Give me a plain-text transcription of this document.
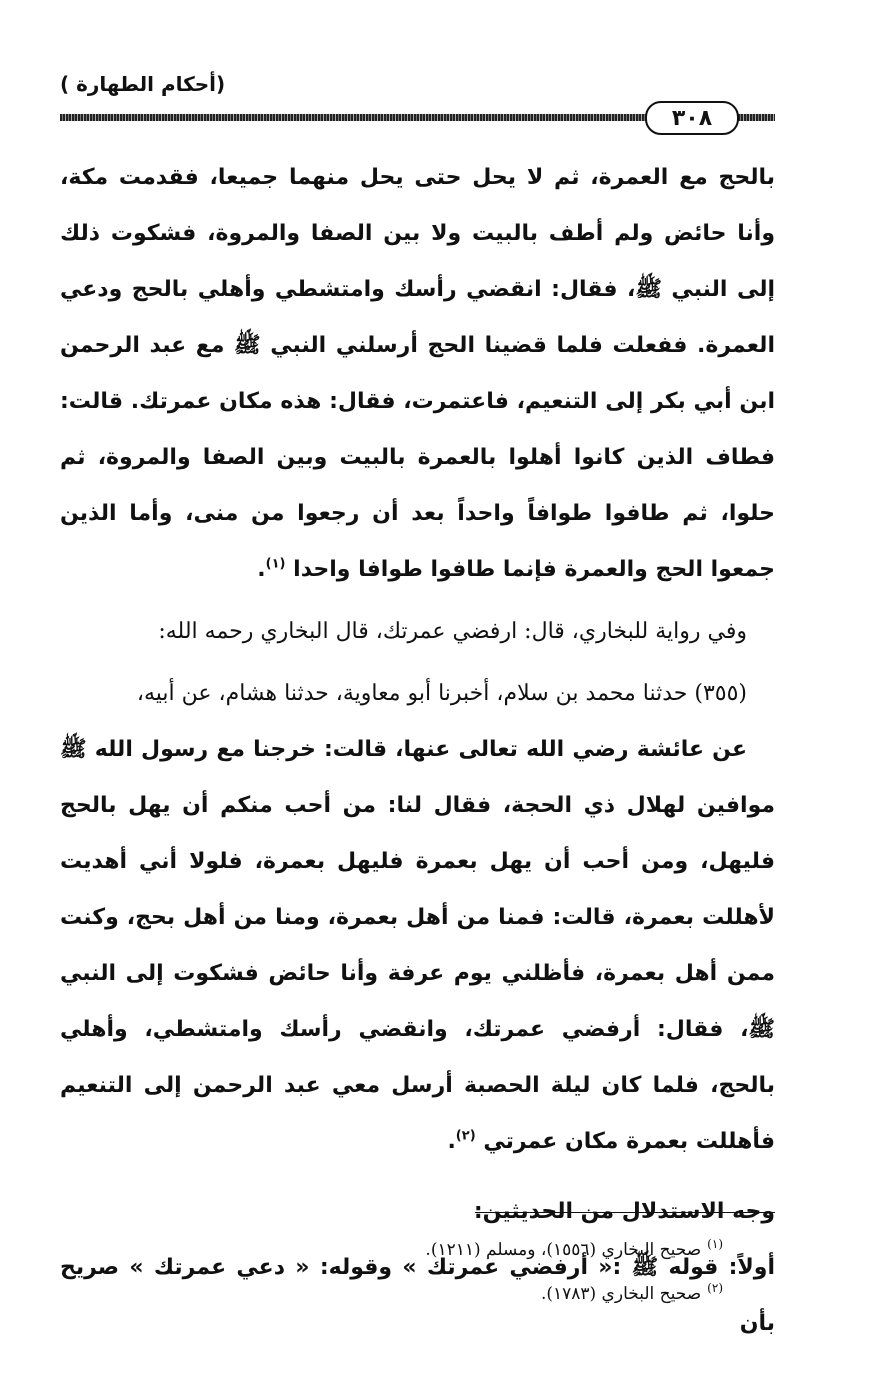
(أحكام الطهارة )
٣٠٨

بالحج مع العمرة، ثم لا يحل حتى يحل منهما جميعا، فقدمت مكة، وأنا حائض ولم أطف بالبيت ولا بين الصفا والمروة، فشكوت ذلك إلى النبي ﷺ، فقال: انقضي رأسك وامتشطي وأهلي بالحج ودعي العمرة. ففعلت فلما قضينا الحج أرسلني النبي ﷺ مع عبد الرحمن ابن أبي بكر إلى التنعيم، فاعتمرت، فقال: هذه مكان عمرتك. قالت: فطاف الذين كانوا أهلوا بالعمرة بالبيت وبين الصفا والمروة، ثم حلوا، ثم طافوا طوافاً واحداً بعد أن رجعوا من منى، وأما الذين جمعوا الحج والعمرة فإنما طافوا طوافا واحدا $^{(١)}$.

وفي رواية للبخاري، قال: ارفضي عمرتك، قال البخاري رحمه الله:

(٣٥٥) حدثنا محمد بن سلام، أخبرنا أبو معاوية، حدثنا هشام، عن أبيه،

عن عائشة رضي الله تعالى عنها، قالت: خرجنا مع رسول الله ﷺ موافين لهلال ذي الحجة، فقال لنا: من أحب منكم أن يهل بالحج فليهل، ومن أحب أن يهل بعمرة فليهل بعمرة، فلولا أني أهديت لأهللت بعمرة، قالت: فمنا من أهل بعمرة، ومنا من أهل بحج، وكنت ممن أهل بعمرة، فأظلني يوم عرفة وأنا حائض فشكوت إلى النبي ﷺ، فقال: أرفضي عمرتك، وانقضي رأسك وامتشطي، وأهلي بالحج، فلما كان ليلة الحصبة أرسل معي عبد الرحمن إلى التنعيم فأهللت بعمرة مكان عمرتي $^{(٢)}$.

وجه الاستدلال من الحديثين:

أولاً: قوله ﷺ :« أرفضي عمرتك » وقوله: « دعي عمرتك » صريح بأن

$^{(١)}$صحيح البخاري (١٥٥٦)، ومسلم (١٢١١).

$^{(٢)}$صحيح البخاري (١٧٨٣).
